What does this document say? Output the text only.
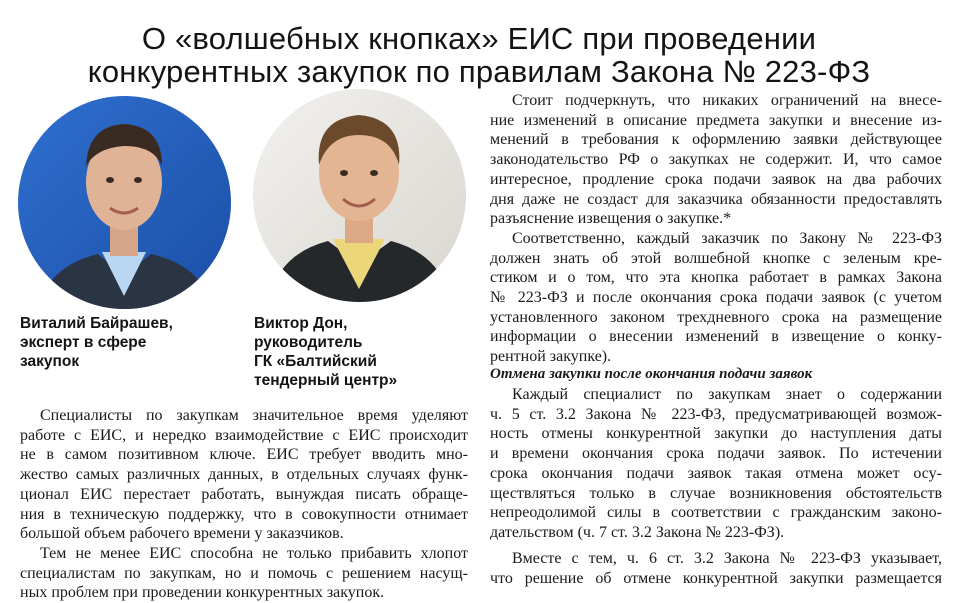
О «волшебных кнопках» ЕИС при проведении
конкурентных закупок по правилам Закона № 223-ФЗ
Виталий Байрашев,
эксперт в сфере
закупок
Виктор Дон,
руководитель
ГК «Балтийский
тендерный центр»
Специалисты по закупкам значительное время уделяют
работе с ЕИС, и нередко взаимодействие с ЕИС происходит
не в самом позитивном ключе. ЕИС требует вводить мно-
жество самых различных данных, в отдельных случаях функ-
ционал ЕИС перестает работать, вынуждая писать обраще-
ния в техническую поддержку, что в совокупности отнимает
большой объем рабочего времени у заказчиков.
Тем не менее ЕИС способна не только прибавить хлопот
специалистам по закупкам, но и помочь с решением насущ-
ных проблем при проведении конкурентных закупок.
Стоит подчеркнуть, что никаких ограничений на внесе-
ние изменений в описание предмета закупки и внесение из-
менений в требования к оформлению заявки действующее
законодательство РФ о закупках не содержит. И, что самое
интересное, продление срока подачи заявок на два рабочих
дня даже не создаст для заказчика обязанности предоставлять
разъяснение извещения о закупке.*
Соответственно, каждый заказчик по Закону № 223-ФЗ
должен знать об этой волшебной кнопке с зеленым кре-
стиком и о том, что эта кнопка работает в рамках Закона
№ 223-ФЗ и после окончания срока подачи заявок (с учетом
установленного законом трехдневного срока на размещение
информации о внесении изменений в извещение о конку-
рентной закупке).
Отмена закупки после окончания подачи заявок
Каждый специалист по закупкам знает о содержании
ч. 5 ст. 3.2 Закона № 223-ФЗ, предусматривающей возмож-
ность отмены конкурентной закупки до наступления даты
и времени окончания срока подачи заявок. По истечении
срока окончания подачи заявок такая отмена может осу-
ществляться только в случае возникновения обстоятельств
непреодолимой силы в соответствии с гражданским законо-
дательством (ч. 7 ст. 3.2 Закона № 223-ФЗ).
Вместе с тем, ч. 6 ст. 3.2 Закона № 223-ФЗ указывает,
что решение об отмене конкурентной закупки размещается
